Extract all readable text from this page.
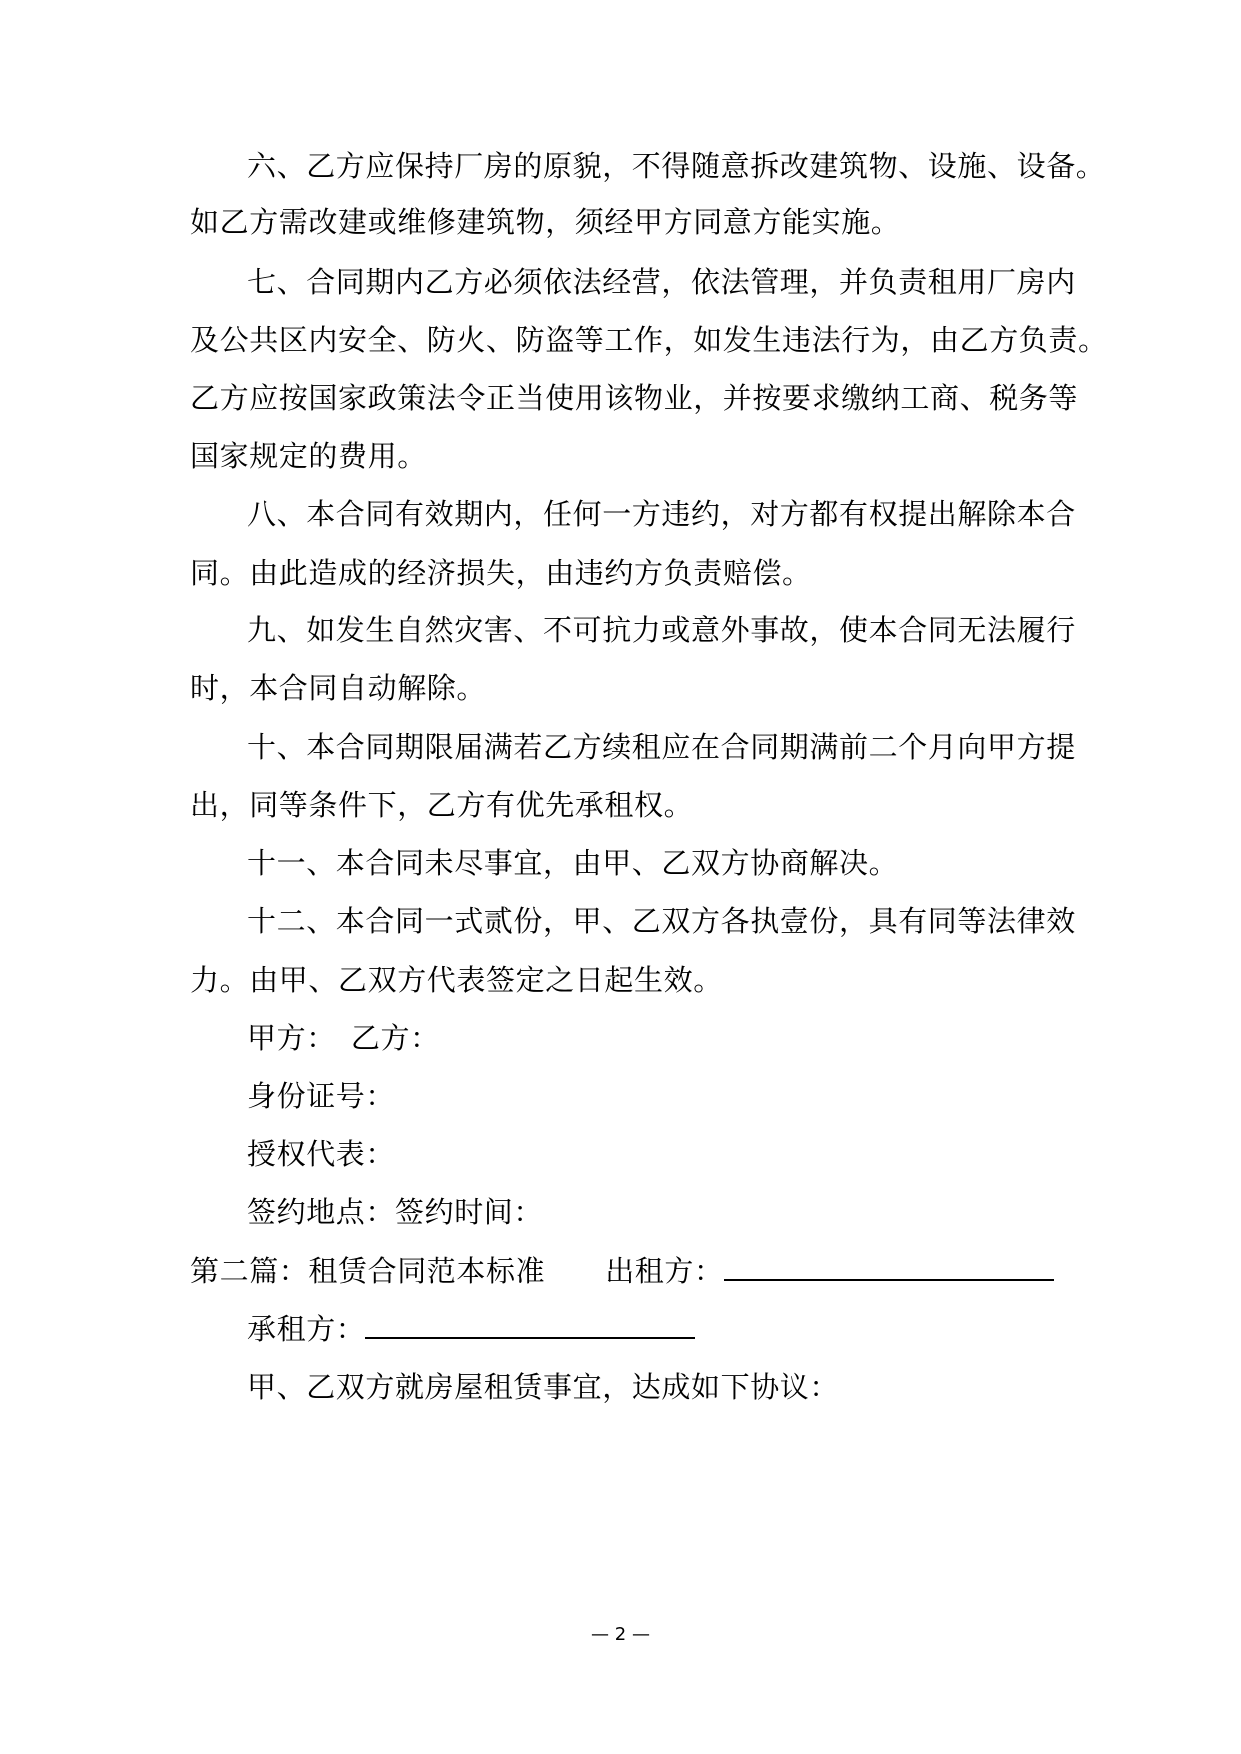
六、乙方应保持厂房的原貌，不得随意拆改建筑物、设施、设备。
如乙方需改建或维修建筑物，须经甲方同意方能实施。
七、合同期内乙方必须依法经营，依法管理，并负责租用厂房内
及公共区内安全、防火、防盗等工作，如发生违法行为，由乙方负责。
乙方应按国家政策法令正当使用该物业，并按要求缴纳工商、税务等
国家规定的费用。
八、本合同有效期内，任何一方违约，对方都有权提出解除本合
同。由此造成的经济损失，由违约方负责赔偿。
九、如发生自然灾害、不可抗力或意外事故，使本合同无法履行
时，本合同自动解除。
十、本合同期限届满若乙方续租应在合同期满前二个月向甲方提
出，同等条件下，乙方有优先承租权。
十一、本合同未尽事宜，由甲、乙双方协商解决。
十二、本合同一式贰份，甲、乙双方各执壹份，具有同等法律效
力。由甲、乙双方代表签定之日起生效。
甲方：　乙方：
身份证号：
授权代表：
签约地点：签约时间：
第二篇：租赁合同范本标准 出租方：
承租方：
甲、乙双方就房屋租赁事宜，达成如下协议：
— 2 —
